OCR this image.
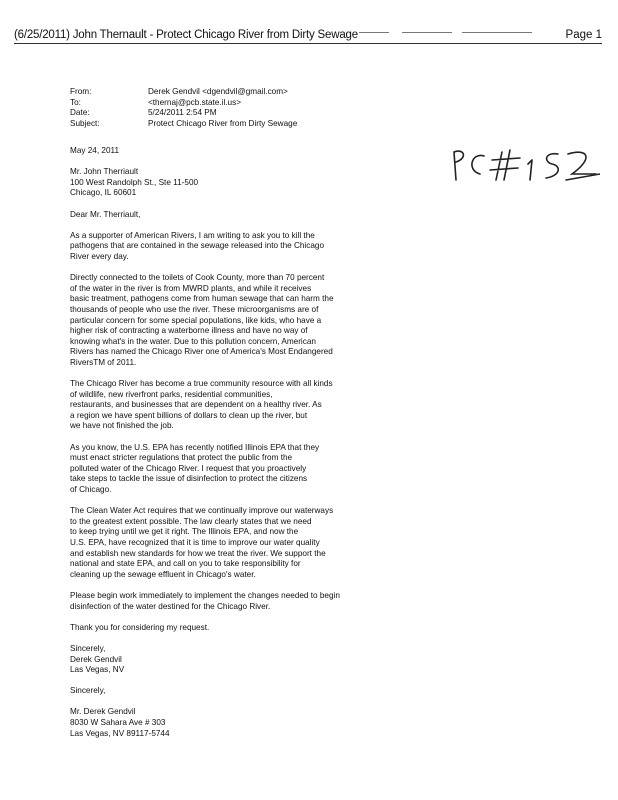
(6/25/2011) John Thernault - Protect Chicago River from Dirty Sewage	Page 1
From:	Derek Gendvil <dgendvil@gmail.com>
To:	<thernaj@pcb.state.il.us>
Date:	5/24/2011 2:54 PM
Subject:	Protect Chicago River from Dirty Sewage

May 24, 2011

Mr. John Therriault
100 West Randolph St., Ste 11-500
Chicago, IL 60601

Dear Mr. Therriault,

As a supporter of American Rivers, I am writing to ask you to kill the
pathogens that are contained in the sewage released into the Chicago
River every day.

Directly connected to the toilets of Cook County, more than 70 percent
of the water in the river is from MWRD plants, and while it receives
basic treatment, pathogens come from human sewage that can harm the
thousands of people who use the river. These microorganisms are of
particular concern for some special populations, like kids, who have a
higher risk of contracting a waterborne illness and have no way of
knowing what's in the water. Due to this pollution concern, American
Rivers has named the Chicago River one of America's Most Endangered
RiversTM of 2011.

The Chicago River has become a true community resource with all kinds
of wildlife, new riverfront parks, residential communities,
restaurants, and businesses that are dependent on a healthy river. As
a region we have spent billions of dollars to clean up the river, but
we have not finished the job.

As you know, the U.S. EPA has recently notified Illinois EPA that they
must enact stricter regulations that protect the public from the
polluted water of the Chicago River. I request that you proactively
take steps to tackle the issue of disinfection to protect the citizens
of Chicago.

The Clean Water Act requires that we continually improve our waterways
to the greatest extent possible. The law clearly states that we need
to keep trying until we get it right. The Illinois EPA, and now the
U.S. EPA, have recognized that it is time to improve our water quality
and establish new standards for how we treat the river. We support the
national and state EPA, and call on you to take responsibility for
cleaning up the sewage effluent in Chicago's water.

Please begin work immediately to implement the changes needed to begin
disinfection of the water destined for the Chicago River.

Thank you for considering my request.

Sincerely,
Derek Gendvil
Las Vegas, NV

Sincerely,

Mr. Derek Gendvil
8030 W Sahara Ave # 303
Las Vegas, NV 89117-5744
